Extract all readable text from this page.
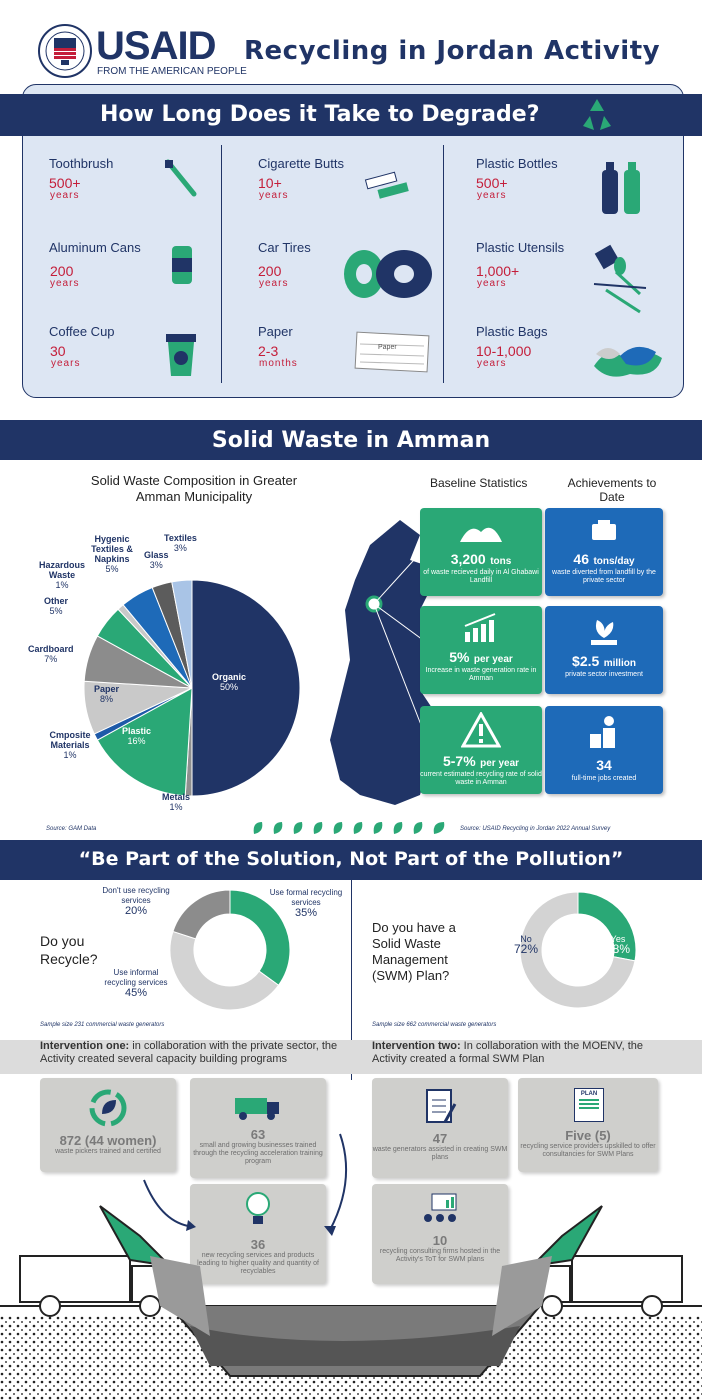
USAID
FROM THE AMERICAN PEOPLE
Recycling in Jordan Activity
How Long Does it Take to Degrade?
Toothbrush
500+
years
Cigarette Butts
10+
years
Plastic Bottles
500+
years
Aluminum Cans
200
years
Car Tires
200
years
Plastic Utensils
1,000+
years
Coffee Cup
30
years
Paper
2-3
months
Paper
Plastic Bags
10-1,000
years
Solid Waste in Amman
Solid Waste Composition in Greater Amman Municipality
Organic
50%
Metals
1%
Plastic
16%
Cmposite Materials
1%
Paper
8%
Cardboard
7%
Other
5%
Hazardous Waste
1%
Hygenic Textiles & Napkins
5%
Glass
3%
Textiles
3%
Baseline Statistics	Achievements to Date
3,200 tons
of waste recieved daily in Al Ghabawi Landfill
5% per year
Increase in waste generation rate in Amman
5-7% per year
current estimated recycling rate of solid waste in Amman
46 tons/day
waste diverted from landfill by the private sector
$2.5 million
private sector investment
34
full-time jobs created
Source: GAM Data	Source: USAID Recycling in Jordan 2022 Annual Survey
“Be Part of the Solution, Not Part of the Pollution”
Do you Recycle?
Use formal recycling services
35%
Use informal recycling services
45%
Don't use recycling services
20%
Sample size 231 commercial waste generators
Do you have a Solid Waste Management (SWM) Plan?
Yes
28%
No
72%
Sample size 662 commercial waste generators
Intervention one: in collaboration with the private sector, the Activity created several capacity building programs
Intervention two: In collaboration with the MOENV, the Activity created a formal SWM Plan
872 (44 women)
waste pickers trained and certified
63
small and growing businesses trained through the recycling acceleration training program
36
new recycling services and products leading to higher quality and quantity of recyclables
47
waste generators assisted in creating SWM plans
PLAN
Five (5)
recycling service providers upskilled to offer consultancies for SWM Plans
10
recycling consulting firms hosted in the Activity's ToT for SWM plans
